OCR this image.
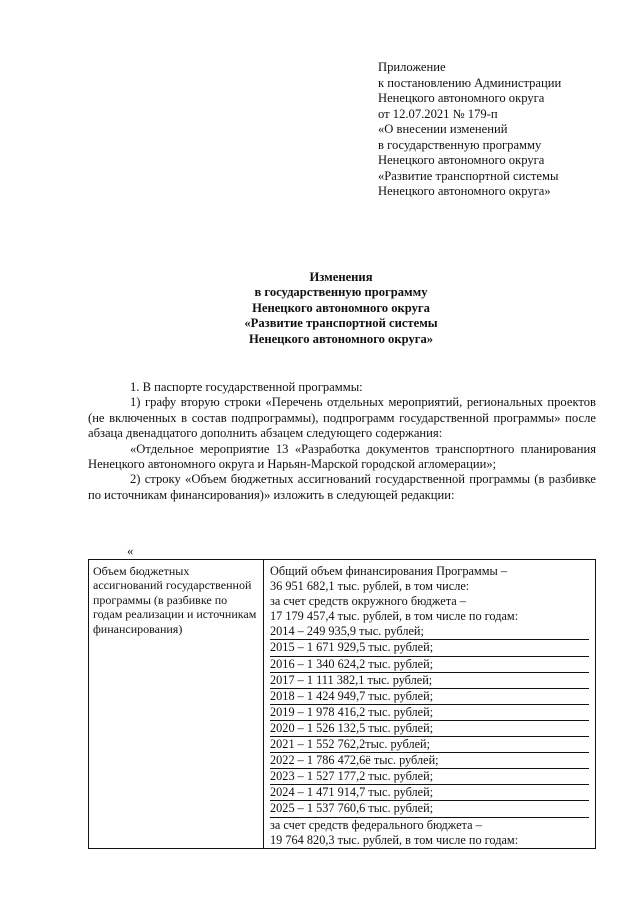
Приложение
к постановлению Администрации
Ненецкого автономного округа
от 12.07.2021 № 179-п
«О внесении изменений
в государственную программу
Ненецкого автономного округа
«Развитие транспортной системы
Ненецкого автономного округа»
Изменения
в государственную программу
Ненецкого автономного округа
«Развитие транспортной системы
Ненецкого автономного округа»

1. В паспорте государственной программы:

1) графу вторую строки «Перечень отдельных мероприятий, региональных проектов (не включенных в состав подпрограммы), подпрограмм государственной программы» после абзаца двенадцатого дополнить абзацем следующего содержания:

«Отдельное мероприятие 13 «Разработка документов транспортного планирования Ненецкого автономного округа и Нарьян-Марской городской агломерации»;

2) строку «Объем бюджетных ассигнований государственной программы (в разбивке по источникам финансирования)» изложить в следующей редакции:

«
Объем бюджетных ассигнований государственной программы (в разбивке по годам реализации и источникам финансирования)
Общий объем финансирования Программы –
36 951 682,1 тыс. рублей, в том числе:
за счет средств окружного бюджета –
17 179 457,4 тыс. рублей, в том числе по годам:
2014 – 249 935,9 тыс. рублей;
2015 – 1 671 929,5 тыс. рублей;
2016 – 1 340 624,2 тыс. рублей;
2017 – 1 111 382,1 тыс. рублей;
2018 – 1 424 949,7 тыс. рублей;
2019 – 1 978 416,2 тыс. рублей;
2020 – 1 526 132,5 тыс. рублей;
2021 – 1 552 762,2тыс. рублей;
2022 – 1 786 472,6ё тыс. рублей;
2023 – 1 527 177,2 тыс. рублей;
2024 – 1 471 914,7 тыс. рублей;
2025 – 1 537 760,6 тыс. рублей;
за счет средств федерального бюджета –
19 764 820,3 тыс. рублей, в том числе по годам:
